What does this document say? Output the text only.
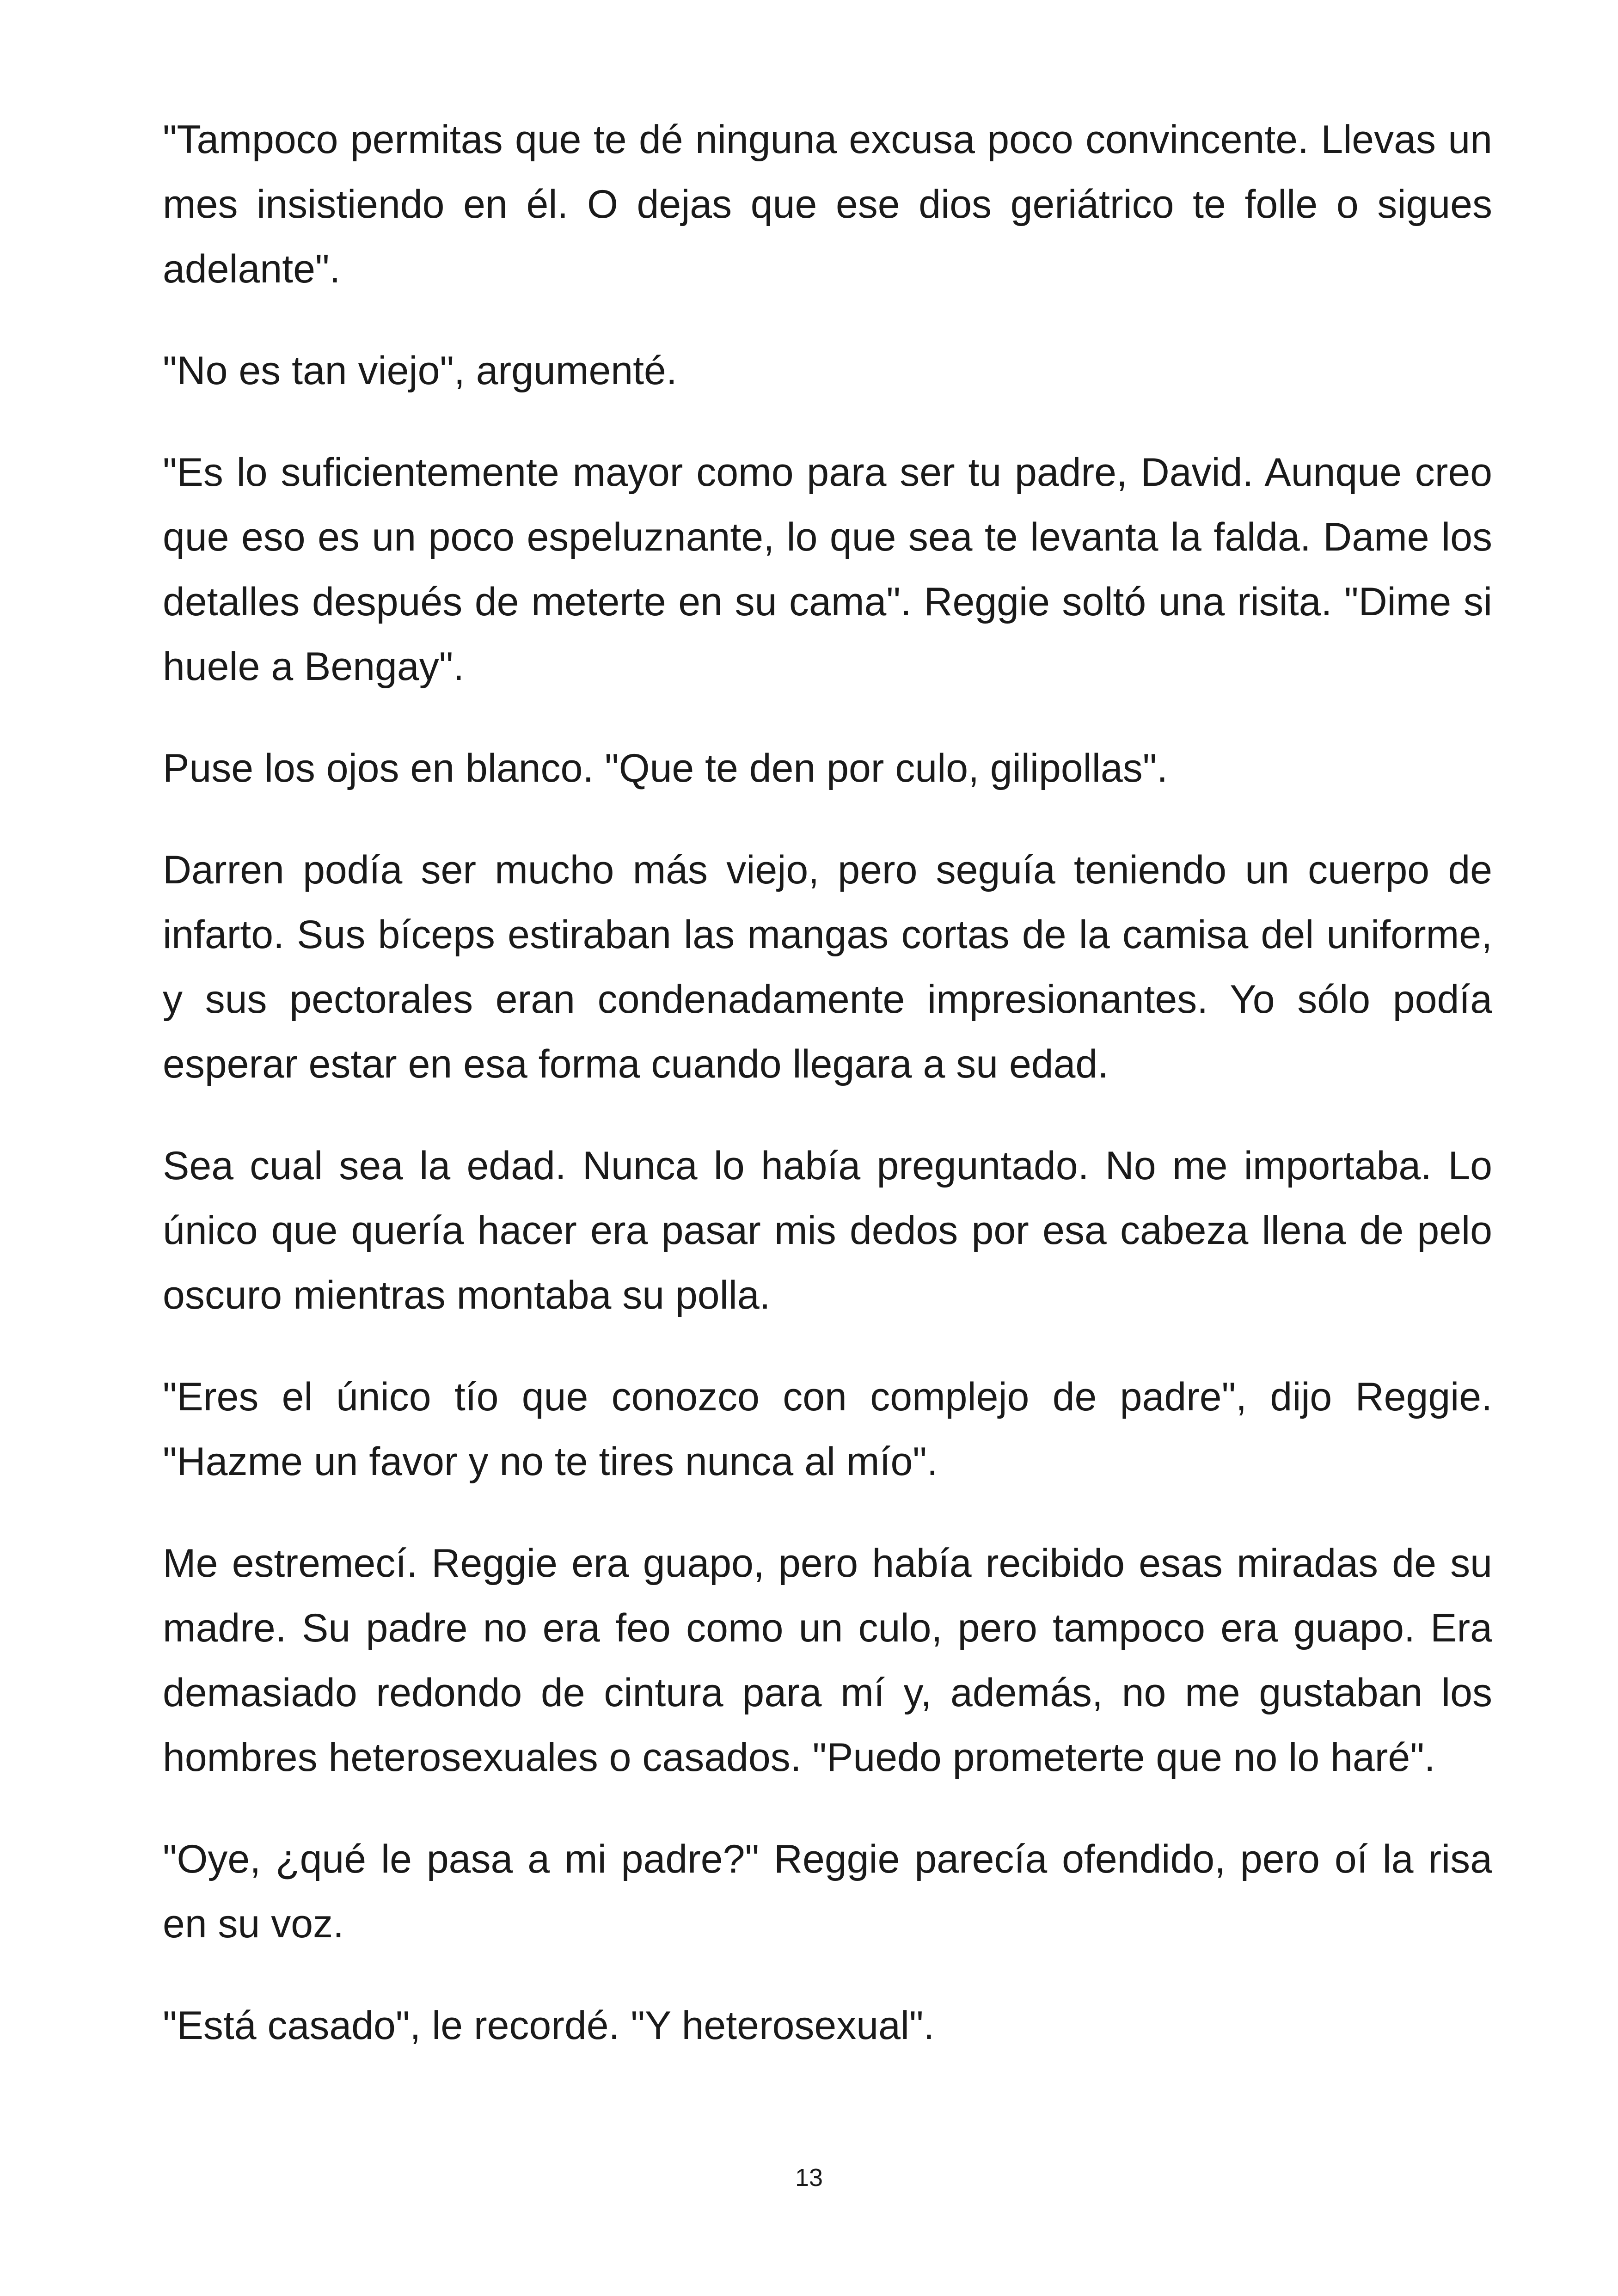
"Tampoco permitas que te dé ninguna excusa poco convincente. Llevas un mes insistiendo en él. O dejas que ese dios geriátrico te folle o sigues adelante".

"No es tan viejo", argumenté.

"Es lo suficientemente mayor como para ser tu padre, David. Aunque creo que eso es un poco espeluznante, lo que sea te levanta la falda. Dame los detalles después de meterte en su cama". Reggie soltó una risita. "Dime si huele a Bengay".

Puse los ojos en blanco. "Que te den por culo, gilipollas".

Darren podía ser mucho más viejo, pero seguía teniendo un cuerpo de infarto. Sus bíceps estiraban las mangas cortas de la camisa del uniforme, y sus pectorales eran condenadamente impresionantes. Yo sólo podía esperar estar en esa forma cuando llegara a su edad.

Sea cual sea la edad. Nunca lo había preguntado. No me importaba. Lo único que quería hacer era pasar mis dedos por esa cabeza llena de pelo oscuro mientras montaba su polla.

"Eres el único tío que conozco con complejo de padre", dijo Reggie. "Hazme un favor y no te tires nunca al mío".

Me estremecí. Reggie era guapo, pero había recibido esas miradas de su madre. Su padre no era feo como un culo, pero tampoco era guapo. Era demasiado redondo de cintura para mí y, además, no me gustaban los hombres heterosexuales o casados. "Puedo prometerte que no lo haré".

"Oye, ¿qué le pasa a mi padre?" Reggie parecía ofendido, pero oí la risa en su voz.

"Está casado", le recordé. "Y heterosexual".

13
